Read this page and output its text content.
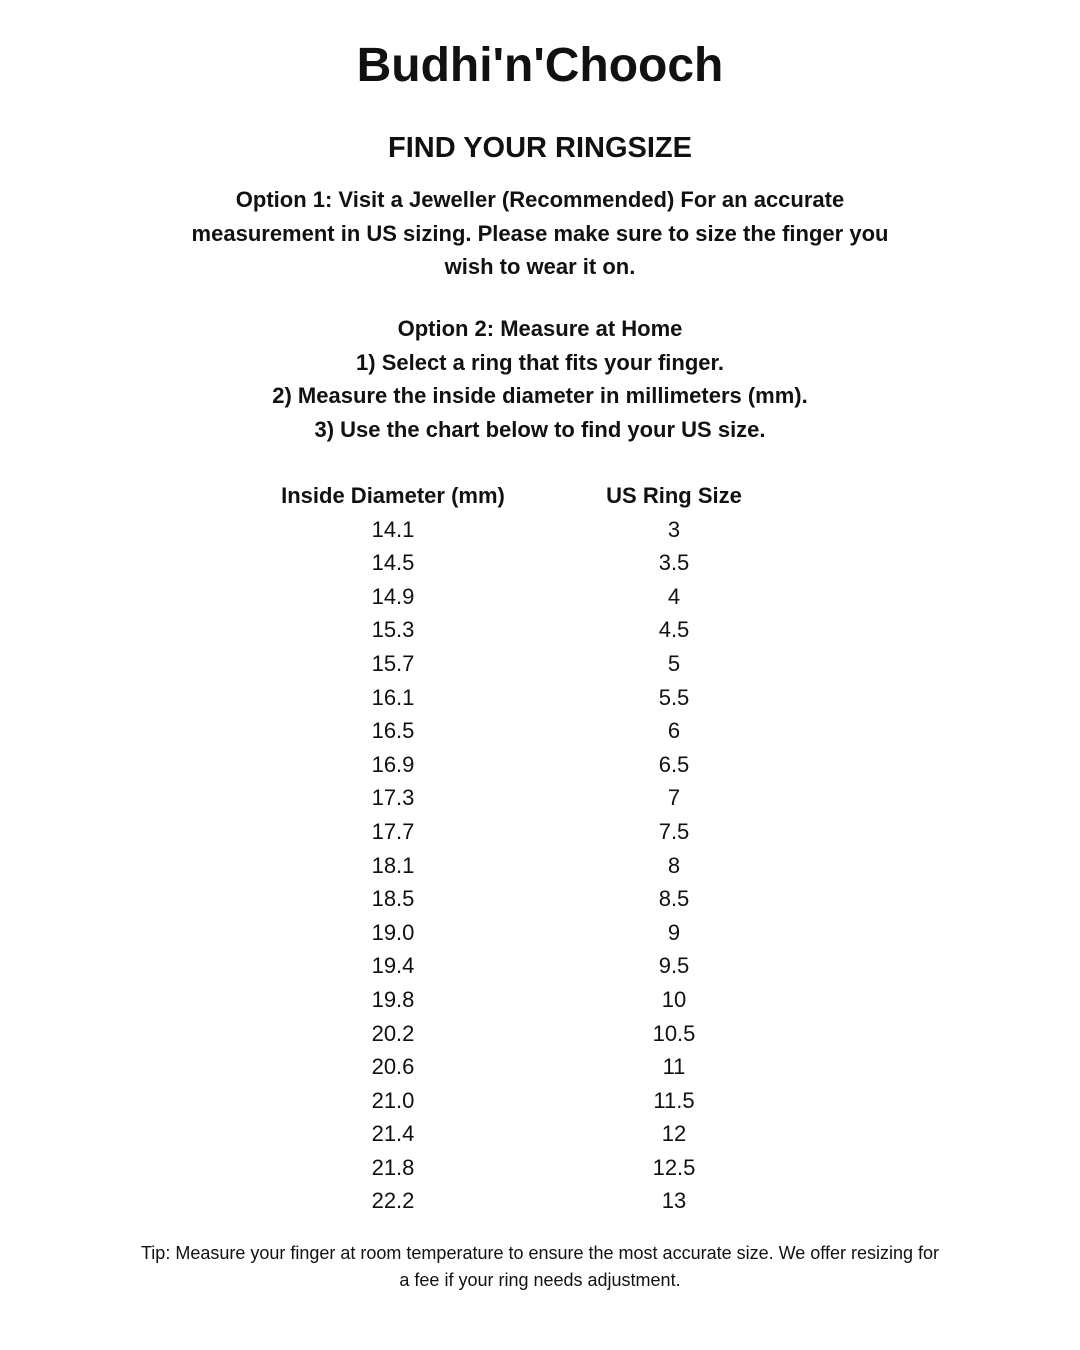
Budhi'n'Chooch
FIND YOUR RINGSIZE
Option 1: Visit a Jeweller (Recommended) For an accurate measurement in US sizing. Please make sure to size the finger you wish to wear it on.
Option 2: Measure at Home
1) Select a ring that fits your finger.
2) Measure the inside diameter in millimeters (mm).
3) Use the chart below to find your US size.
Inside Diameter (mm)	US Ring Size
14.1	3
14.5	3.5
14.9	4
15.3	4.5
15.7	5
16.1	5.5
16.5	6
16.9	6.5
17.3	7
17.7	7.5
18.1	8
18.5	8.5
19.0	9
19.4	9.5
19.8	10
20.2	10.5
20.6	11
21.0	11.5
21.4	12
21.8	12.5
22.2	13
Tip: Measure your finger at room temperature to ensure the most accurate size. We offer resizing for a fee if your ring needs adjustment.
